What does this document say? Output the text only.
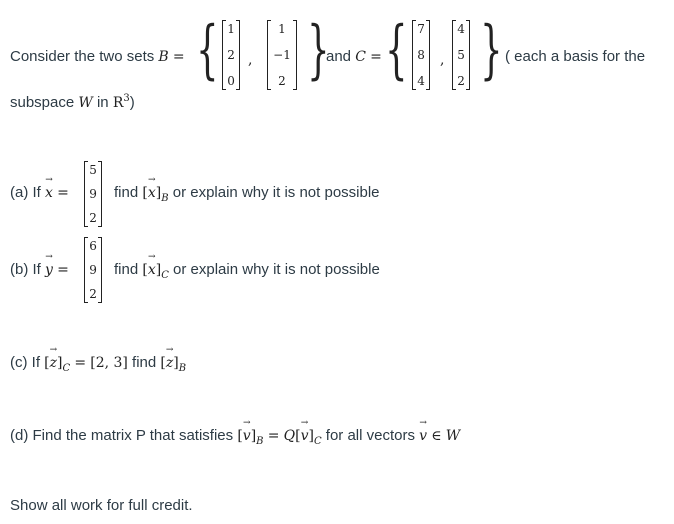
Consider the two sets B = { 1
2
0
,
1
−1
2 }
and C = { 7
8
4
,
4
5
2 } ( each a basis for the
subspace W in $R^3$)
(a) If → x =
5
9
2
find [→ $x]_B$ or explain why it is not possible
(b) If → y =
6
9
2
find [→ $x]_C$ or explain why it is not possible
(c) If [→ $z]_C = [2$, 3] find [→ $z]_B$
(d) Find the matrix P that satisfies [→ $v]_B = Q[\to v]_C$ for all vectors → v ∈ W
Show all work for full credit.
